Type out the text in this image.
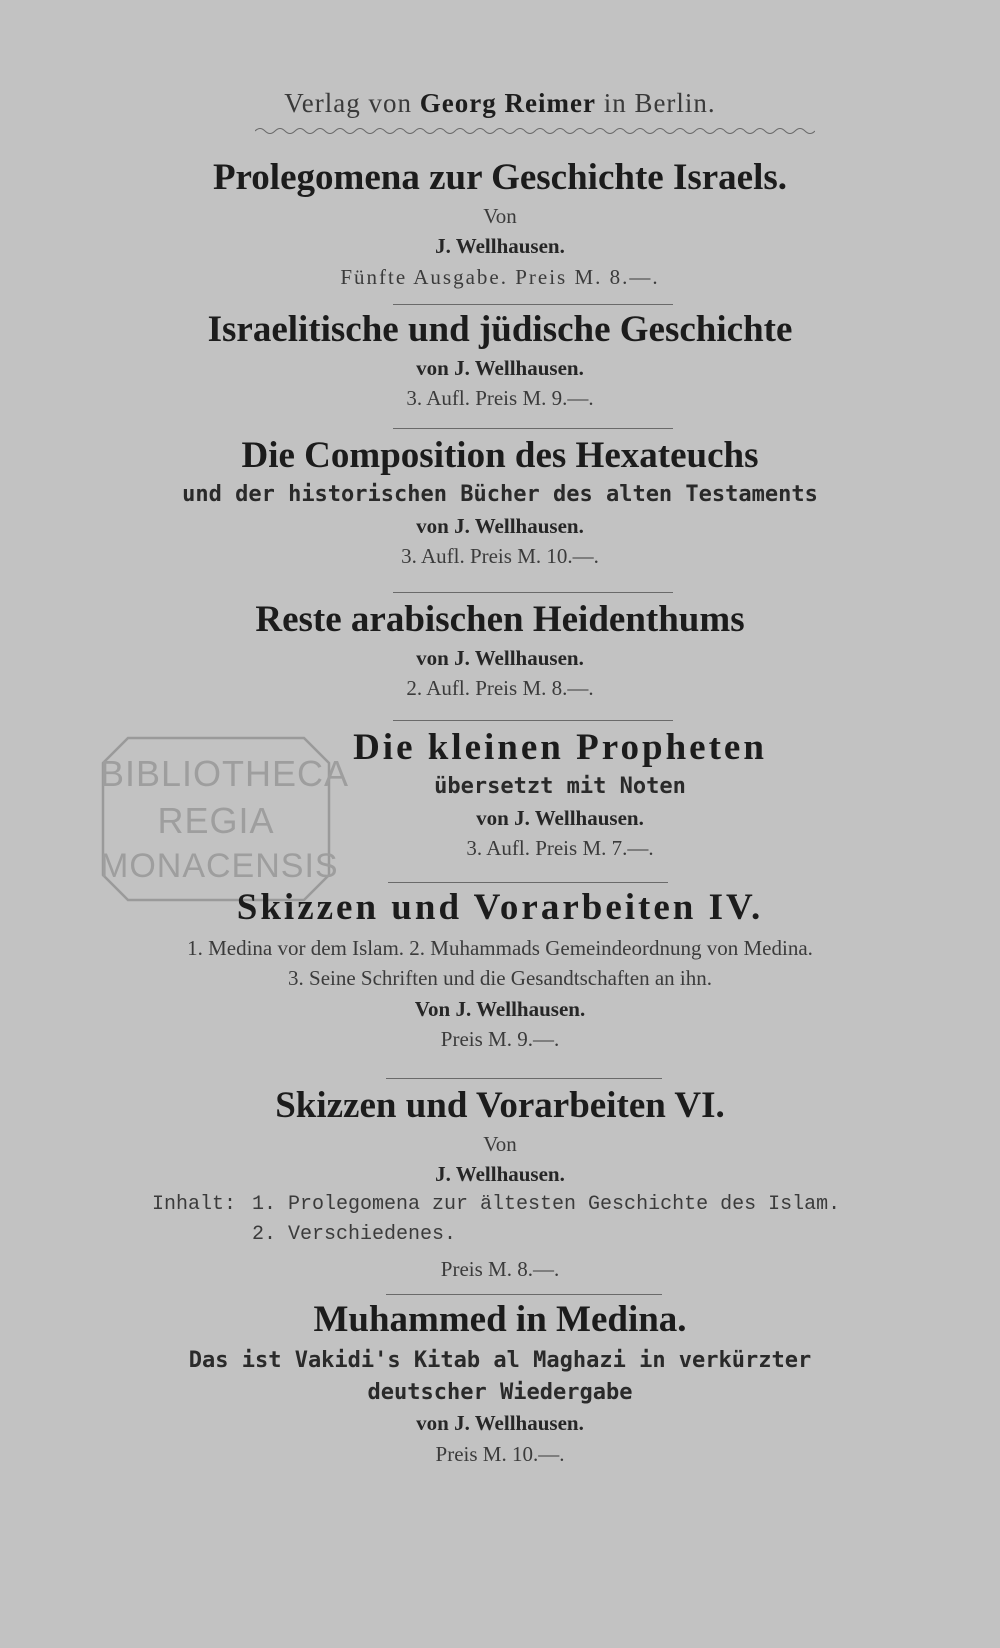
Verlag von Georg Reimer in Berlin.
Prolegomena zur Geschichte Israels.
Von
J. Wellhausen.
Fünfte Ausgabe. Preis M. 8.—.
Israelitische und jüdische Geschichte
von J. Wellhausen.
3. Aufl. Preis M. 9.—.
Die Composition des Hexateuchs
und der historischen Bücher des alten Testaments
von J. Wellhausen.
3. Aufl. Preis M. 10.—.
Reste arabischen Heidenthums
von J. Wellhausen.
2. Aufl. Preis M. 8.—.
BIBLIOTHECA
REGIA
MONACENSIS
Die kleinen Propheten
übersetzt mit Noten
von J. Wellhausen.
3. Aufl. Preis M. 7.—.
Skizzen und Vorarbeiten IV.
1. Medina vor dem Islam. 2. Muhammads Gemeindeordnung von Medina.
3. Seine Schriften und die Gesandtschaften an ihn.
Von J. Wellhausen.
Preis M. 9.—.
Skizzen und Vorarbeiten VI.
Von
J. Wellhausen.
Inhalt: 1. Prolegomena zur ältesten Geschichte des Islam.
2. Verschiedenes.
Preis M. 8.—.
Muhammed in Medina.
Das ist Vakidi's Kitab al Maghazi in verkürzter
deutscher Wiedergabe
von J. Wellhausen.
Preis M. 10.—.
